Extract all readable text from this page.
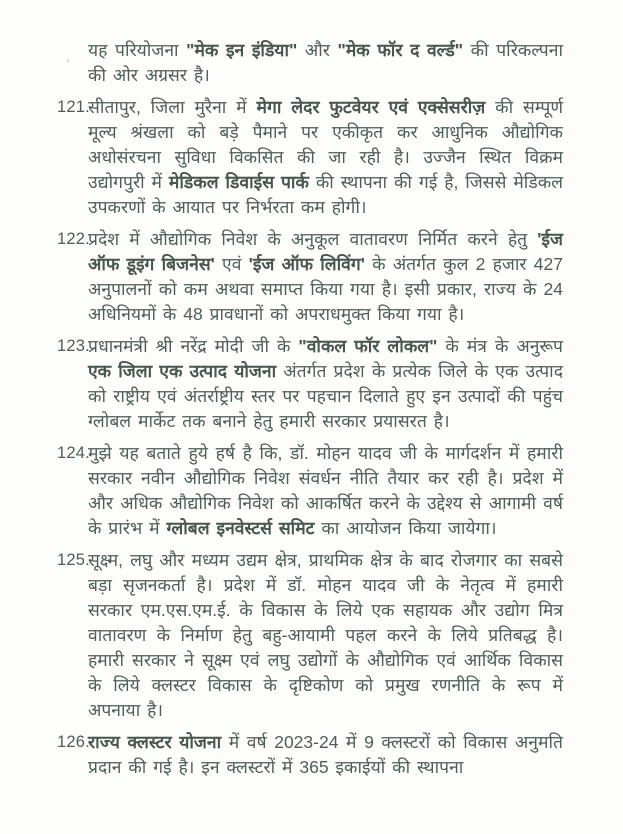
, यह परियोजना "मेक इन इंडिया" और "मेक फॉर द वर्ल्ड" की परिकल्पना की ओर अग्रसर है।
121.
सीतापुर, जिला मुरैना में मेगा लेदर फुटवेयर एवं एक्सेसरीज़ की सम्पूर्ण मूल्य श्रंखला को बड़े पैमाने पर एकीकृत कर आधुनिक औद्योगिक अधोसंरचना सुविधा विकसित की जा रही है। उज्जैन स्थित विक्रम उद्योगपुरी में मेडिकल डिवाईस पार्क की स्थापना की गई है, जिससे मेडिकल उपकरणों के आयात पर निर्भरता कम होगी।
122.
प्रदेश में औद्योगिक निवेश के अनुकूल वातावरण निर्मित करने हेतु 'ईज ऑफ डूइंग बिजनेस' एवं 'ईज ऑफ लिविंग' के अंतर्गत कुल 2 हजार 427 अनुपालनों को कम अथवा समाप्त किया गया है। इसी प्रकार, राज्य के 24 अधिनियमों के 48 प्रावधानों को अपराधमुक्त किया गया है।
123.
प्रधानमंत्री श्री नरेंद्र मोदी जी के "वोकल फॉर लोकल" के मंत्र के अनुरूप एक जिला एक उत्पाद योजना अंतर्गत प्रदेश के प्रत्येक जिले के एक उत्पाद को राष्ट्रीय एवं अंतर्राष्ट्रीय स्तर पर पहचान दिलाते हुए इन उत्पादों की पहुंच ग्लोबल मार्केट तक बनाने हेतु हमारी सरकार प्रयासरत है।
124.
मुझे यह बताते हुये हर्ष है कि, डॉ. मोहन यादव जी के मार्गदर्शन में हमारी सरकार नवीन औद्योगिक निवेश संवर्धन नीति तैयार कर रही है। प्रदेश में और अधिक औद्योगिक निवेश को आकर्षित करने के उद्देश्य से आगामी वर्ष के प्रारंभ में ग्लोबल इनवेस्टर्स समिट का आयोजन किया जायेगा।
125.
सूक्ष्म, लघु और मध्यम उद्यम क्षेत्र, प्राथमिक क्षेत्र के बाद रोजगार का सबसे बड़ा सृजनकर्ता है। प्रदेश में डॉ. मोहन यादव जी के नेतृत्व में हमारी सरकार एम.एस.एम.ई. के विकास के लिये एक सहायक और उद्योग मित्र वातावरण के निर्माण हेतु बहु-आयामी पहल करने के लिये प्रतिबद्ध है। हमारी सरकार ने सूक्ष्म एवं लघु उद्योगों के औद्योगिक एवं आर्थिक विकास के लिये क्लस्टर विकास के दृष्टिकोण को प्रमुख रणनीति के रूप में अपनाया है।
126.
राज्य क्लस्टर योजना में वर्ष 2023-24 में 9 क्लस्टरों को विकास अनुमति प्रदान की गई है। इन क्लस्टरों में 365 इकाईयों की स्थापना
